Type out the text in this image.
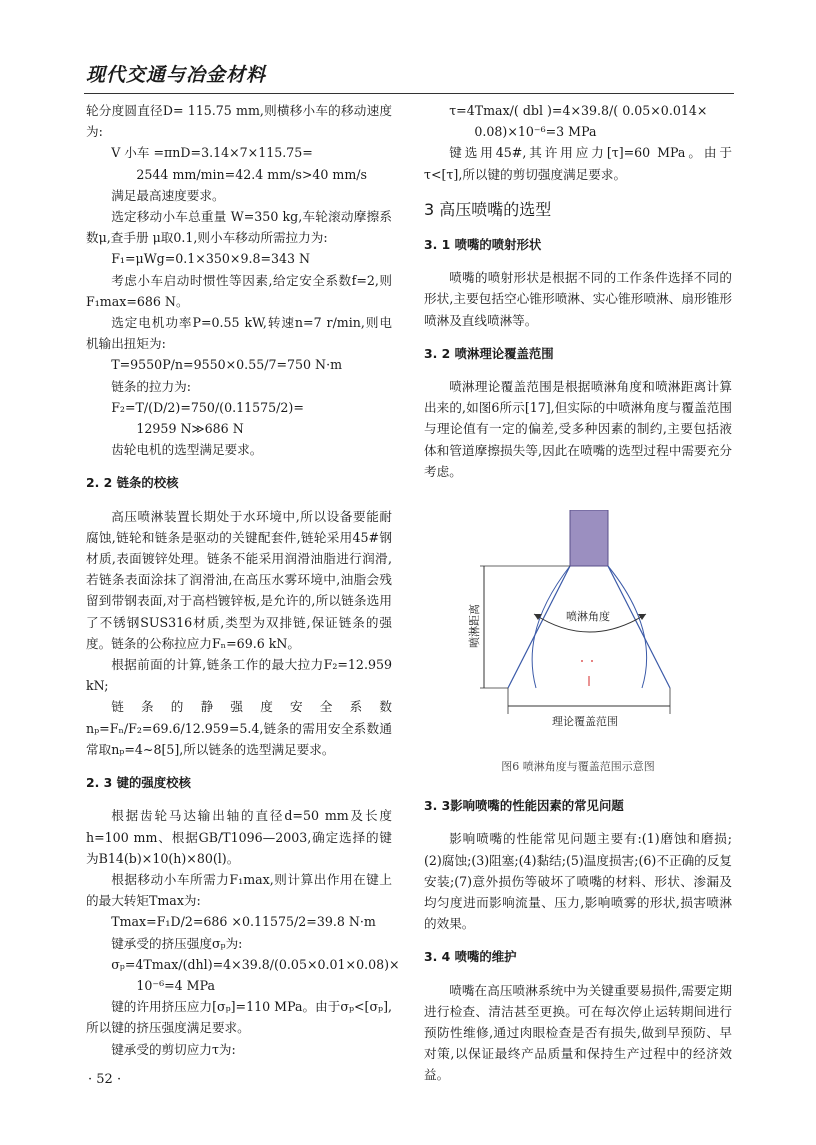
现代交通与冶金材料

轮分度圆直径D= 115.75 mm,则横移小车的移动速度为:

V 小车 =πnD=3.14×7×115.75=

2544 mm/min=42.4 mm/s>40 mm/s

满足最高速度要求。

选定移动小车总重量 W=350 kg,车轮滚动摩擦系数μ,查手册 μ取0.1,则小车移动所需拉力为:

F₁=μWg=0.1×350×9.8=343 N

考虑小车启动时惯性等因素,给定安全系数f=2,则F₁max=686 N。

选定电机功率P=0.55 kW,转速n=7 r/min,则电机输出扭矩为:

T=9550P/n=9550×0.55/7=750 N·m

链条的拉力为:

F₂=T/(D/2)=750/(0.11575/2)=

12959 N≫686 N

齿轮电机的选型满足要求。

2. 2 链条的校核

高压喷淋装置长期处于水环境中,所以设备要能耐腐蚀,链轮和链条是驱动的关键配套件,链轮采用45#钢材质,表面镀锌处理。链条不能采用润滑油脂进行润滑,若链条表面涂抹了润滑油,在高压水雾环境中,油脂会残留到带钢表面,对于高档镀锌板,是允许的,所以链条选用了不锈钢SUS316材质,类型为双排链,保证链条的强度。链条的公称拉应力Fₙ=69.6 kN。

根据前面的计算,链条工作的最大拉力F₂=12.959 kN;

链条的静强度安全系数 nₚ=Fₙ/F₂=69.6/12.959=5.4,链条的需用安全系数通常取nₚ=4~8[5],所以链条的选型满足要求。

2. 3 键的强度校核

根据齿轮马达输出轴的直径d=50 mm及长度h=100 mm、根据GB/T1096—2003,确定选择的键为B14(b)×10(h)×80(l)。

根据移动小车所需力F₁max,则计算出作用在键上的最大转矩Tmax为:

Tmax=F₁D/2=686 ×0.11575/2=39.8 N·m

键承受的挤压强度σₚ为:

σₚ=4Tmax/(dhl)=4×39.8/(0.05×0.01×0.08)×

10⁻⁶=4 MPa

键的许用挤压应力[σₚ]=110 MPa。由于σₚ<[σₚ],所以键的挤压强度满足要求。

键承受的剪切应力τ为:

τ=4Tmax/( dbl )=4×39.8/( 0.05×0.014×

0.08)×10⁻⁶=3 MPa

键选用45#,其许用应力[τ]=60 MPa。由于τ<[τ],所以键的剪切强度满足要求。

3 高压喷嘴的选型
3. 1 喷嘴的喷射形状

喷嘴的喷射形状是根据不同的工作条件选择不同的形状,主要包括空心锥形喷淋、实心锥形喷淋、扇形锥形喷淋及直线喷淋等。

3. 2 喷淋理论覆盖范围

喷淋理论覆盖范围是根据喷淋角度和喷淋距离计算出来的,如图6所示[17],但实际的中喷淋角度与覆盖范围与理论值有一定的偏差,受多种因素的制约,主要包括液体和管道摩擦损失等,因此在喷嘴的选型过程中需要充分考虑。

喷淋角度
喷淋距离
理论覆盖范围
图6 喷淋角度与覆盖范围示意图
3. 3影响喷嘴的性能因素的常见问题

影响喷嘴的性能常见问题主要有:(1)磨蚀和磨损;(2)腐蚀;(3)阻塞;(4)黏结;(5)温度损害;(6)不正确的反复安装;(7)意外损伤等破坏了喷嘴的材料、形状、渗漏及均匀度进而影响流量、压力,影响喷雾的形状,损害喷淋的效果。

3. 4 喷嘴的维护

喷嘴在高压喷淋系统中为关键重要易损件,需要定期进行检查、清洁甚至更换。可在每次停止运转期间进行预防性维修,通过肉眼检查是否有损失,做到早预防、早对策,以保证最终产品质量和保持生产过程中的经济效益。

· 52 ·
